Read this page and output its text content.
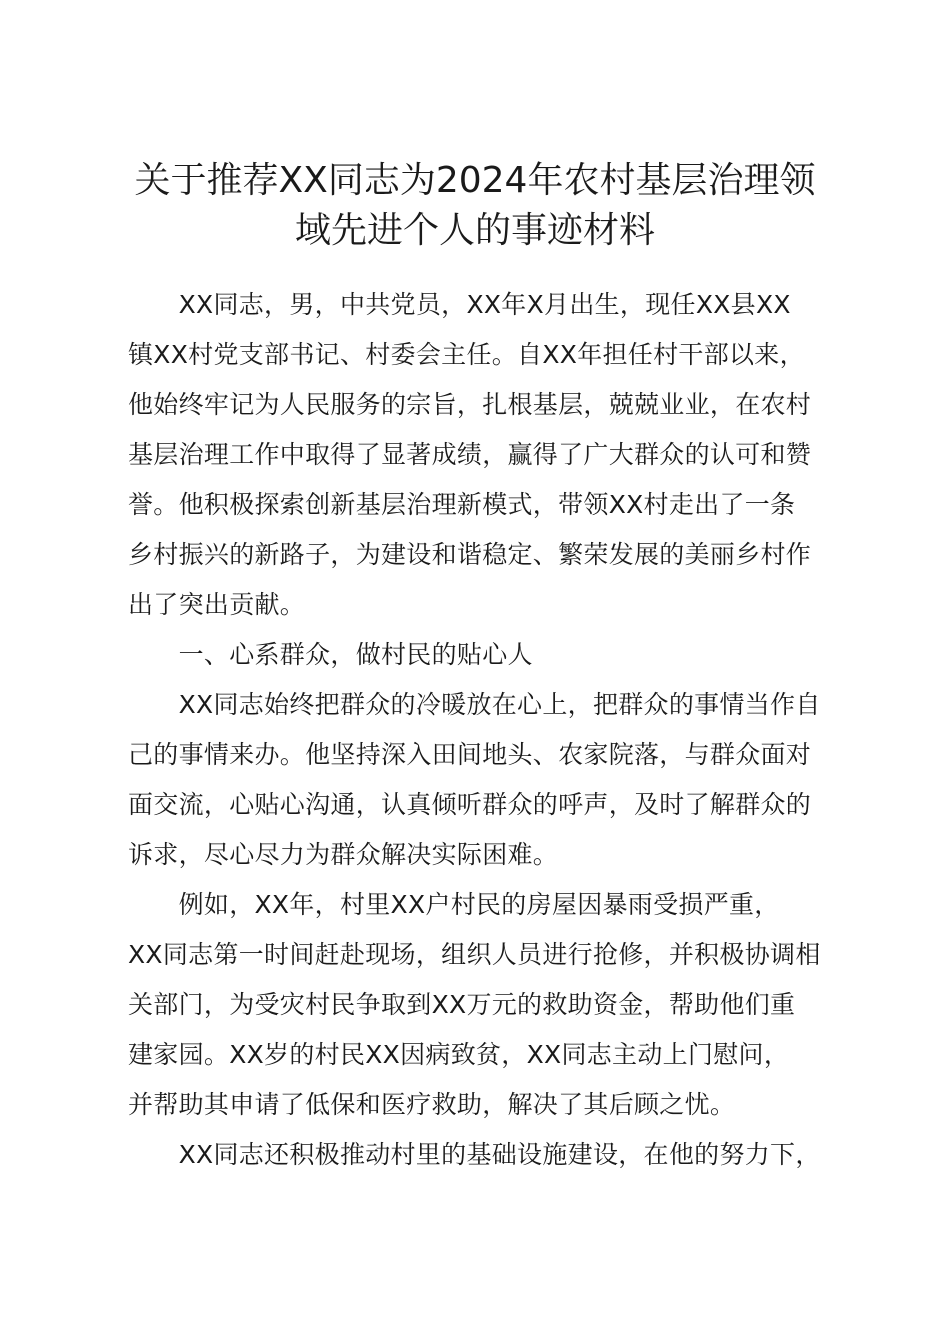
关于推荐XX同志为2024年农村基层治理领
域先进个人的事迹材料
　　XX同志，男，中共党员，XX年X月出生，现任XX县XX
镇XX村党支部书记、村委会主任。自XX年担任村干部以来，
他始终牢记为人民服务的宗旨，扎根基层，兢兢业业，在农村
基层治理工作中取得了显著成绩，赢得了广大群众的认可和赞
誉。他积极探索创新基层治理新模式，带领XX村走出了一条
乡村振兴的新路子，为建设和谐稳定、繁荣发展的美丽乡村作
出了突出贡献。
　　一、心系群众，做村民的贴心人
　　XX同志始终把群众的冷暖放在心上，把群众的事情当作自
己的事情来办。他坚持深入田间地头、农家院落，与群众面对
面交流，心贴心沟通，认真倾听群众的呼声，及时了解群众的
诉求，尽心尽力为群众解决实际困难。
　　例如，XX年，村里XX户村民的房屋因暴雨受损严重，
XX同志第一时间赶赴现场，组织人员进行抢修，并积极协调相
关部门，为受灾村民争取到XX万元的救助资金，帮助他们重
建家园。XX岁的村民XX因病致贫，XX同志主动上门慰问，
并帮助其申请了低保和医疗救助，解决了其后顾之忧。
　　XX同志还积极推动村里的基础设施建设，在他的努力下，
